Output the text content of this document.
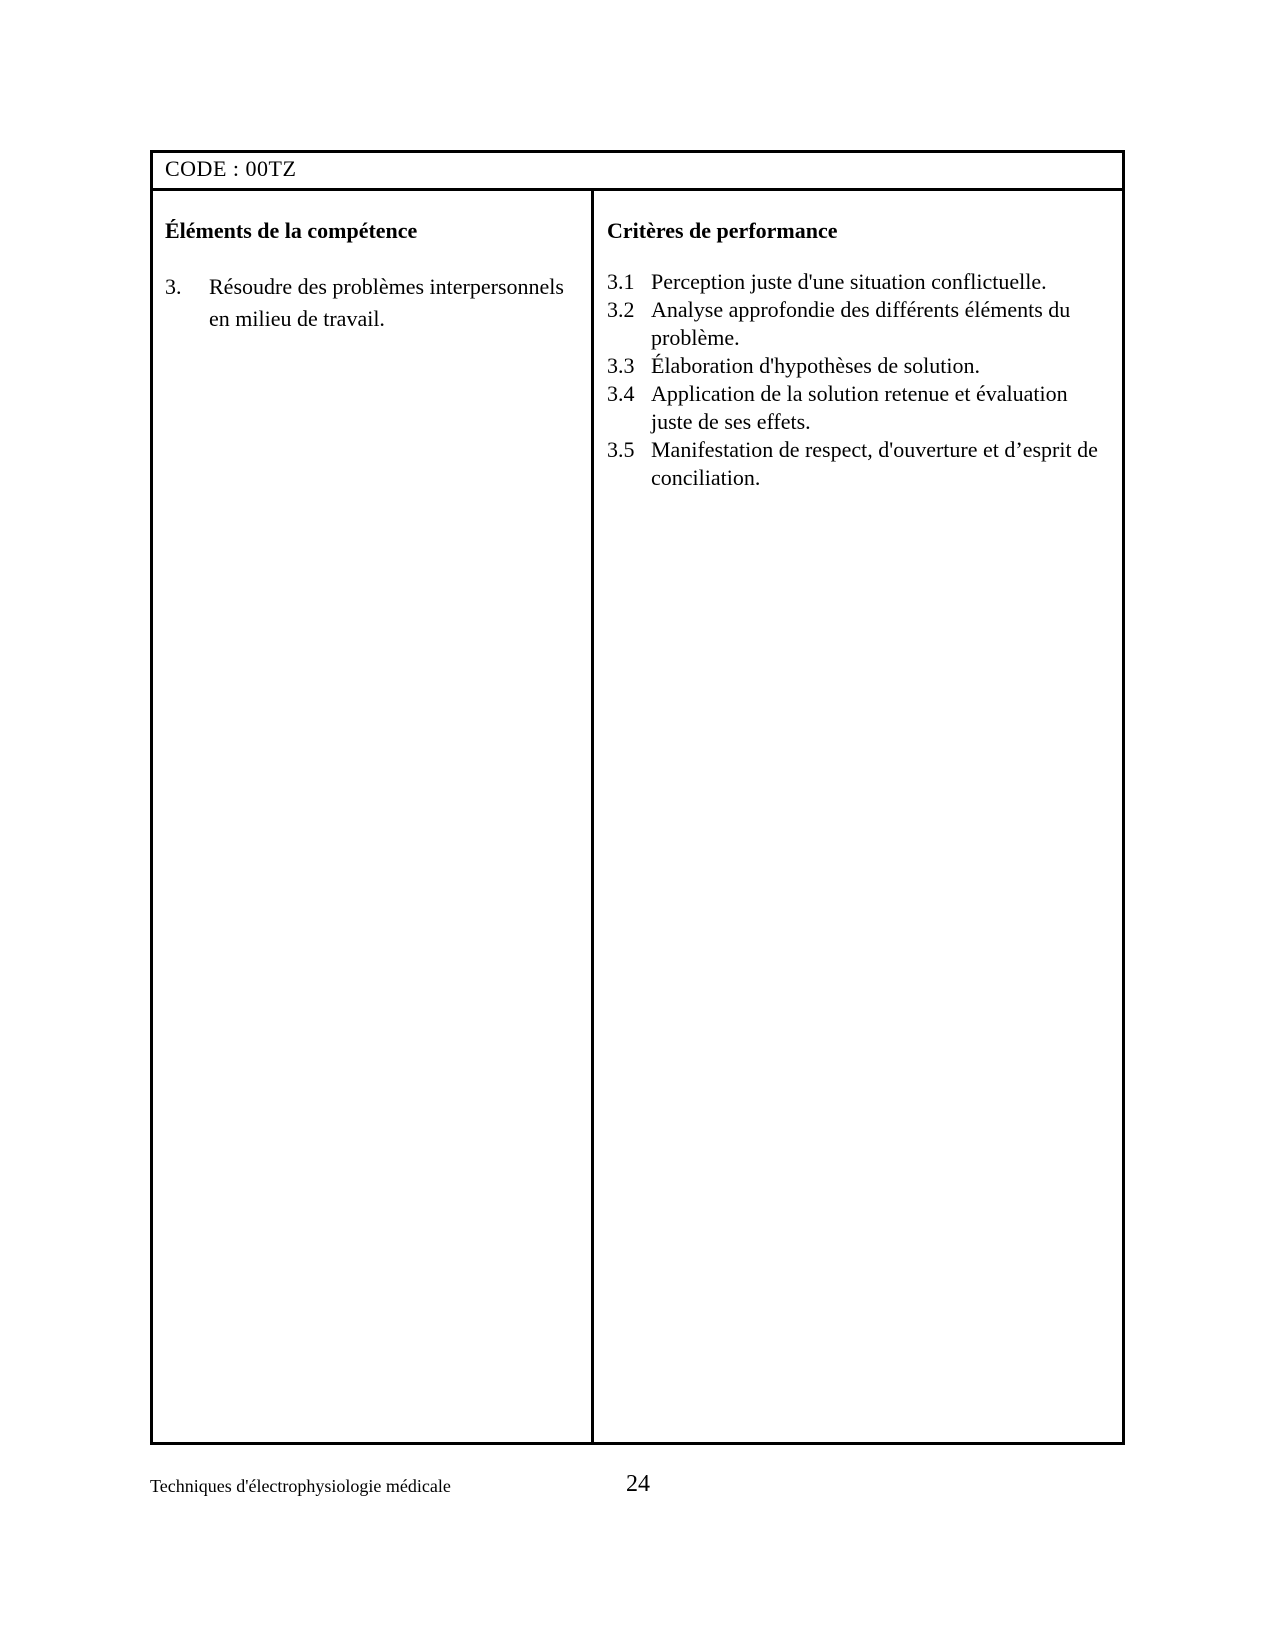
CODE : 00TZ
Éléments de la compétence
3.	Résoudre des problèmes interpersonnels en milieu de travail.
Critères de performance
3.1 Perception juste d'une situation conflictuelle.
3.2 Analyse approfondie des différents éléments du problème.
3.3 Élaboration d'hypothèses de solution.
3.4 Application de la solution retenue et évaluation juste de ses effets.
3.5 Manifestation de respect, d'ouverture et d’esprit de conciliation.
Techniques d'électrophysiologie médicale	24
